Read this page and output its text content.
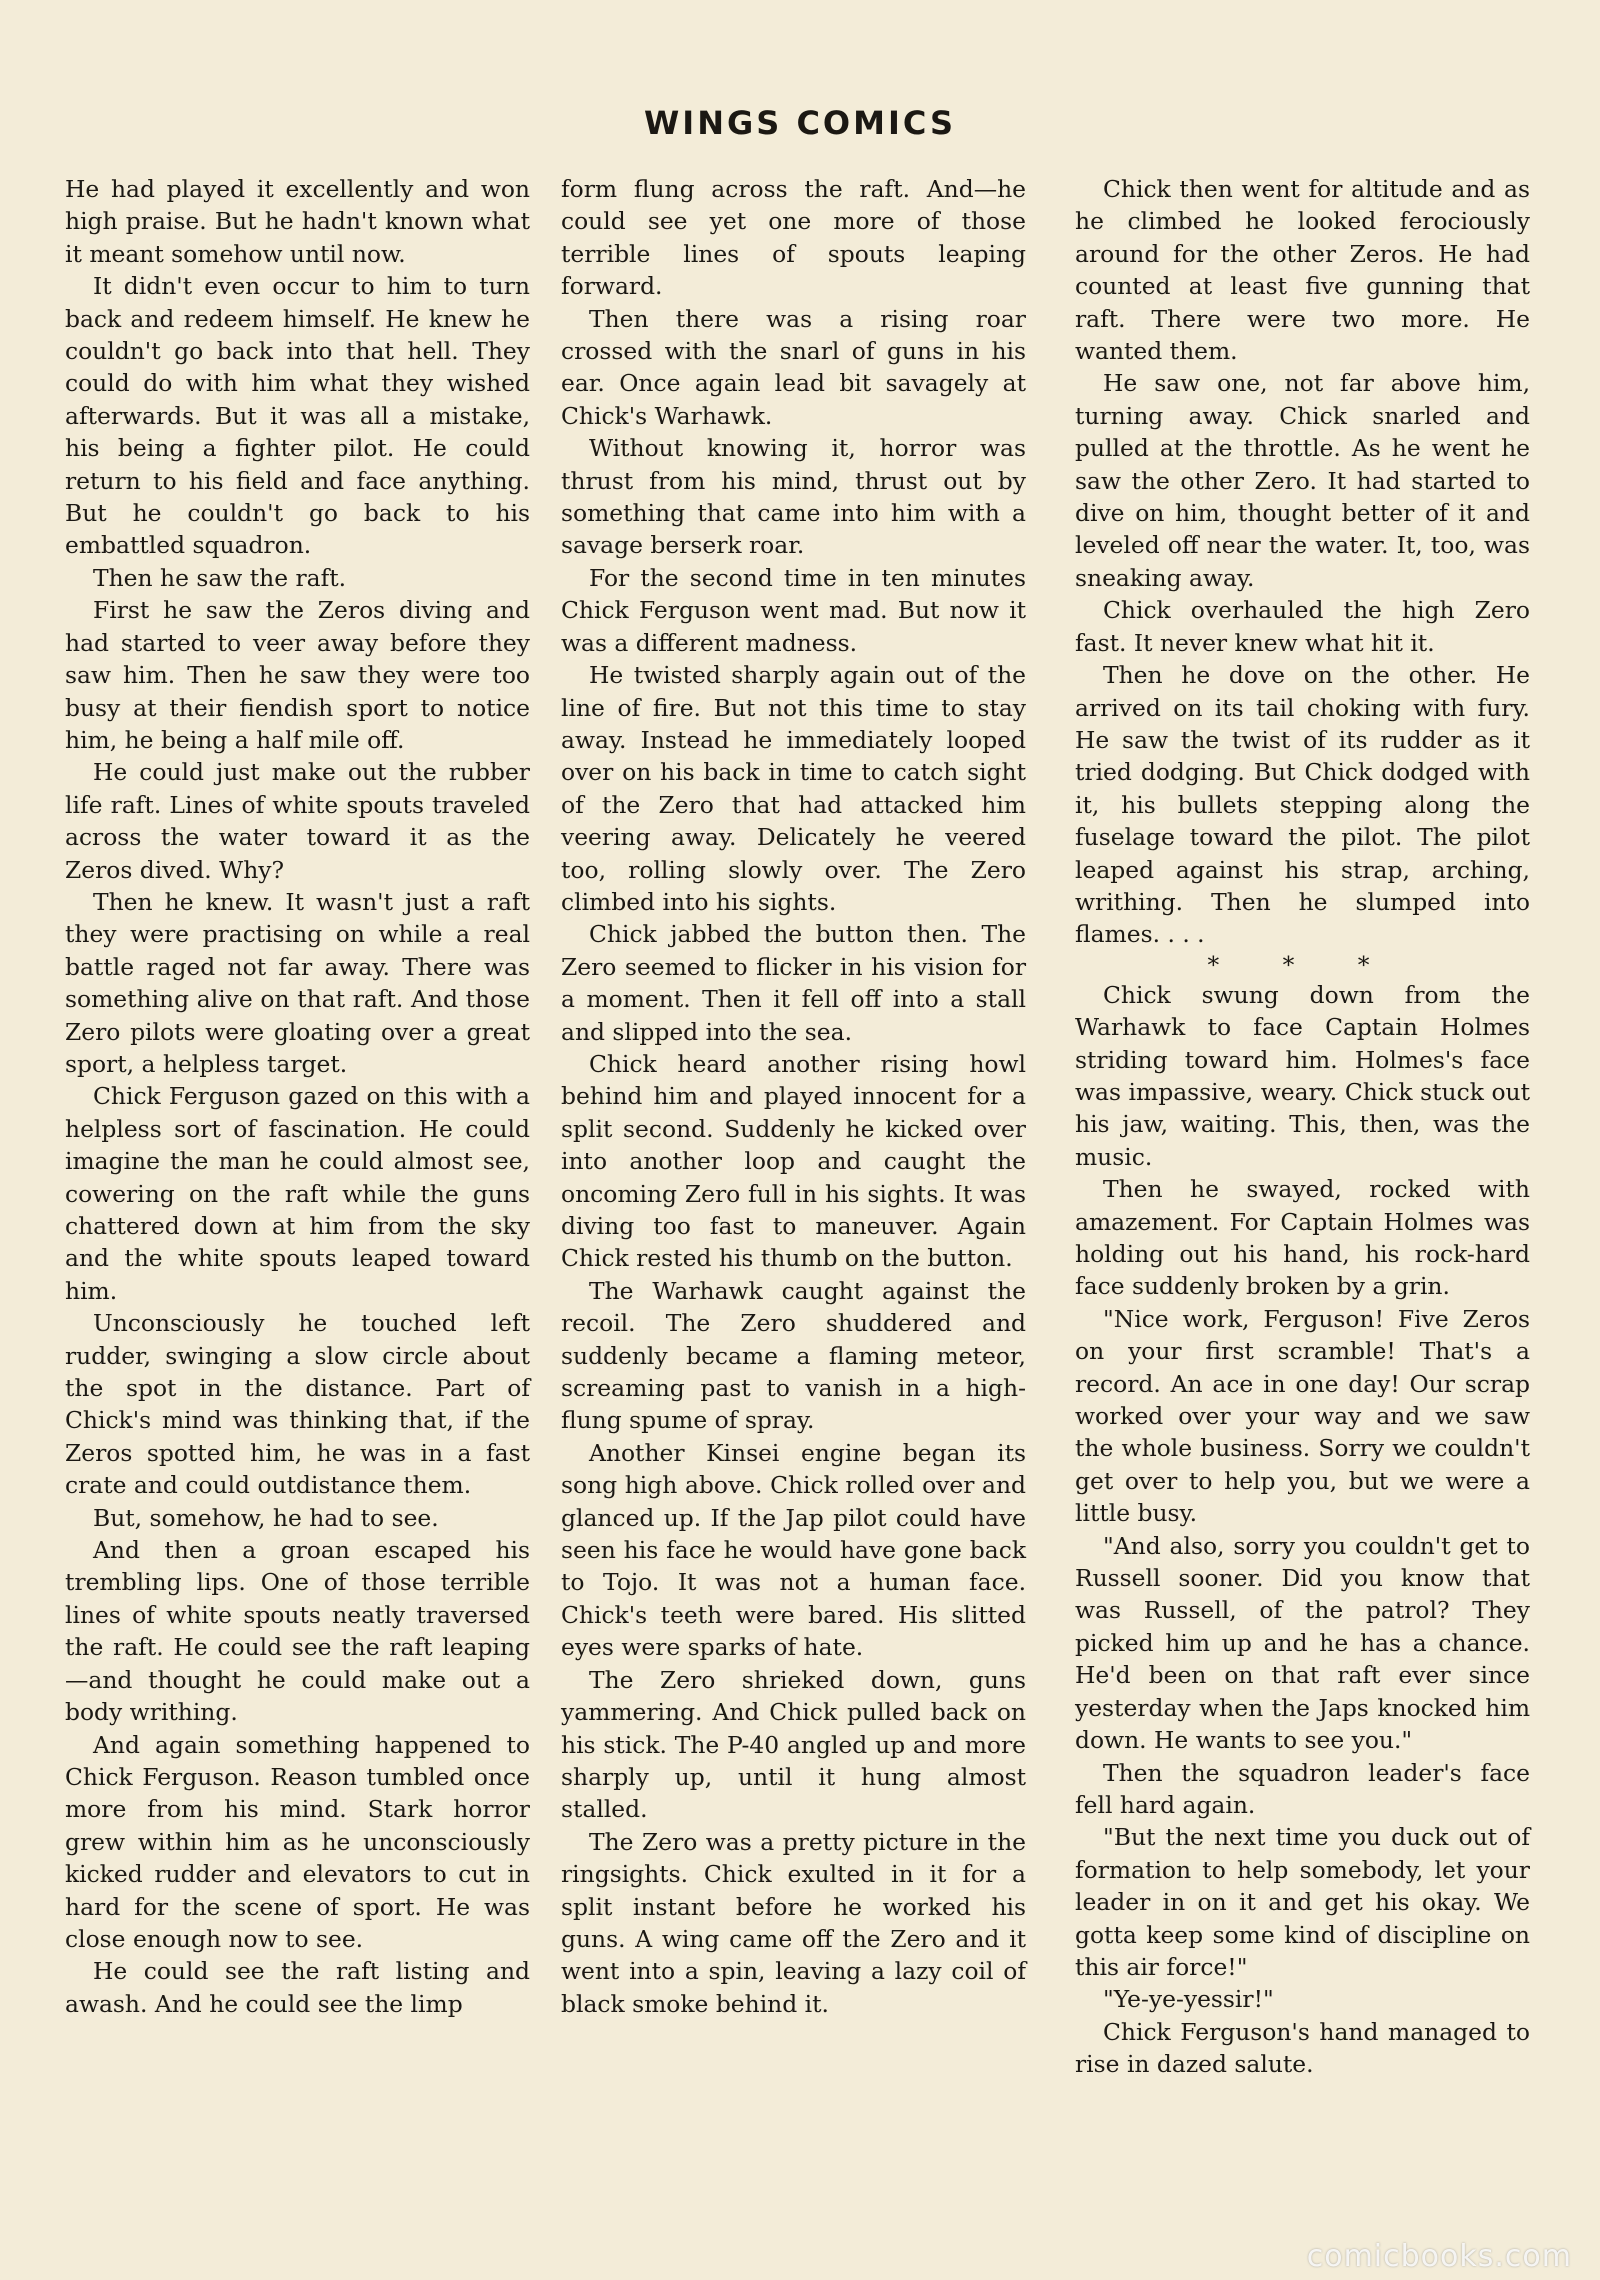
WINGS COMICS

He had played it excellently and won high praise. But he hadn't known what it meant somehow until now.

It didn't even occur to him to turn back and redeem himself. He knew he couldn't go back into that hell. They could do with him what they wished afterwards. But it was all a mistake, his being a fighter pilot. He could return to his field and face anything. But he couldn't go back to his embattled squadron.

Then he saw the raft.

First he saw the Zeros diving and had started to veer away before they saw him. Then he saw they were too busy at their fiendish sport to notice him, he being a half mile off.

He could just make out the rubber life raft. Lines of white spouts traveled across the water toward it as the Zeros dived. Why?

Then he knew. It wasn't just a raft they were practising on while a real battle raged not far away. There was something alive on that raft. And those Zero pilots were gloating over a great sport, a helpless target.

Chick Ferguson gazed on this with a helpless sort of fascination. He could imagine the man he could almost see, cowering on the raft while the guns chattered down at him from the sky and the white spouts leaped toward him.

Unconsciously he touched left rudder, swinging a slow circle about the spot in the distance. Part of Chick's mind was thinking that, if the Zeros spotted him, he was in a fast crate and could outdistance them.

But, somehow, he had to see.

And then a groan escaped his trembling lips. One of those terrible lines of white spouts neatly traversed the raft. He could see the raft leaping—and thought he could make out a body writhing.

And again something happened to Chick Ferguson. Reason tumbled once more from his mind. Stark horror grew within him as he unconsciously kicked rudder and elevators to cut in hard for the scene of sport. He was close enough now to see.

He could see the raft listing and awash. And he could see the limp

form flung across the raft. And—he could see yet one more of those terrible lines of spouts leaping forward.

Then there was a rising roar crossed with the snarl of guns in his ear. Once again lead bit savagely at Chick's Warhawk.

Without knowing it, horror was thrust from his mind, thrust out by something that came into him with a savage berserk roar.

For the second time in ten minutes Chick Ferguson went mad. But now it was a different madness.

He twisted sharply again out of the line of fire. But not this time to stay away. Instead he immediately looped over on his back in time to catch sight of the Zero that had attacked him veering away. Delicately he veered too, rolling slowly over. The Zero climbed into his sights.

Chick jabbed the button then. The Zero seemed to flicker in his vision for a moment. Then it fell off into a stall and slipped into the sea.

Chick heard another rising howl behind him and played innocent for a split second. Suddenly he kicked over into another loop and caught the oncoming Zero full in his sights. It was diving too fast to maneuver. Again Chick rested his thumb on the button.

The Warhawk caught against the recoil. The Zero shuddered and suddenly became a flaming meteor, screaming past to vanish in a high-flung spume of spray.

Another Kinsei engine began its song high above. Chick rolled over and glanced up. If the Jap pilot could have seen his face he would have gone back to Tojo. It was not a human face. Chick's teeth were bared. His slitted eyes were sparks of hate.

The Zero shrieked down, guns yammering. And Chick pulled back on his stick. The P-40 angled up and more sharply up, until it hung almost stalled.

The Zero was a pretty picture in the ringsights. Chick exulted in it for a split instant before he worked his guns. A wing came off the Zero and it went into a spin, leaving a lazy coil of black smoke behind it.

Chick then went for altitude and as he climbed he looked ferociously around for the other Zeros. He had counted at least five gunning that raft. There were two more. He wanted them.

He saw one, not far above him, turning away. Chick snarled and pulled at the throttle. As he went he saw the other Zero. It had started to dive on him, thought better of it and leveled off near the water. It, too, was sneaking away.

Chick overhauled the high Zero fast. It never knew what hit it.

Then he dove on the other. He arrived on its tail choking with fury. He saw the twist of its rudder as it tried dodging. But Chick dodged with it, his bullets stepping along the fuselage toward the pilot. The pilot leaped against his strap, arching, writhing. Then he slumped into flames. . . .

* * *

Chick swung down from the Warhawk to face Captain Holmes striding toward him. Holmes's face was impassive, weary. Chick stuck out his jaw, waiting. This, then, was the music.

Then he swayed, rocked with amazement. For Captain Holmes was holding out his hand, his rock-hard face suddenly broken by a grin.

"Nice work, Ferguson! Five Zeros on your first scramble! That's a record. An ace in one day! Our scrap worked over your way and we saw the whole business. Sorry we couldn't get over to help you, but we were a little busy.

"And also, sorry you couldn't get to Russell sooner. Did you know that was Russell, of the patrol? They picked him up and he has a chance. He'd been on that raft ever since yesterday when the Japs knocked him down. He wants to see you."

Then the squadron leader's face fell hard again.

"But the next time you duck out of formation to help somebody, let your leader in on it and get his okay. We gotta keep some kind of discipline on this air force!"

"Ye-ye-yessir!"

Chick Ferguson's hand managed to rise in dazed salute.

comicbooks.com
